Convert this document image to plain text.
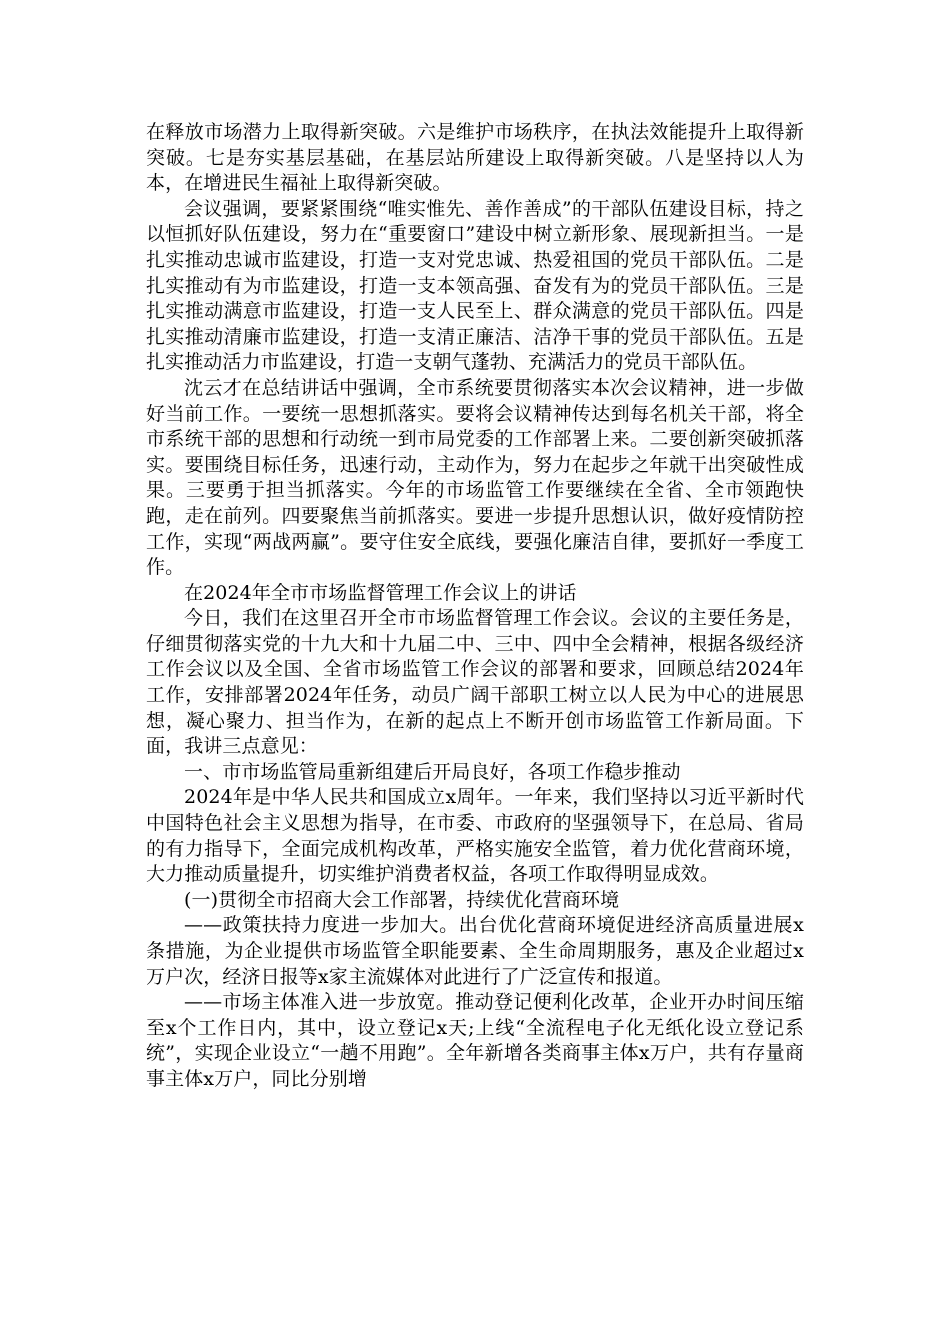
在释放市场潜力上取得新突破。六是维护市场秩序，在执法效能提升上取得新突破。七是夯实基层基础，在基层站所建设上取得新突破。八是坚持以人为本，在增进民生福祉上取得新突破。

会议强调，要紧紧围绕“唯实惟先、善作善成”的干部队伍建设目标，持之以恒抓好队伍建设，努力在“重要窗口”建设中树立新形象、展现新担当。一是扎实推动忠诚市监建设，打造一支对党忠诚、热爱祖国的党员干部队伍。二是扎实推动有为市监建设，打造一支本领高强、奋发有为的党员干部队伍。三是扎实推动满意市监建设，打造一支人民至上、群众满意的党员干部队伍。四是扎实推动清廉市监建设，打造一支清正廉洁、洁净干事的党员干部队伍。五是扎实推动活力市监建设，打造一支朝气蓬勃、充满活力的党员干部队伍。

沈云才在总结讲话中强调，全市系统要贯彻落实本次会议精神，进一步做好当前工作。一要统一思想抓落实。要将会议精神传达到每名机关干部，将全市系统干部的思想和行动统一到市局党委的工作部署上来。二要创新突破抓落实。要围绕目标任务，迅速行动，主动作为，努力在起步之年就干出突破性成果。三要勇于担当抓落实。今年的市场监管工作要继续在全省、全市领跑快跑，走在前列。四要聚焦当前抓落实。要进一步提升思想认识，做好疫情防控工作，实现“两战两赢”。要守住安全底线，要强化廉洁自律，要抓好一季度工作。

在2024年全市市场监督管理工作会议上的讲话

今日，我们在这里召开全市市场监督管理工作会议。会议的主要任务是，仔细贯彻落实党的十九大和十九届二中、三中、四中全会精神，根据各级经济工作会议以及全国、全省市场监管工作会议的部署和要求，回顾总结2024年工作，安排部署2024年任务，动员广阔干部职工树立以人民为中心的进展思想，凝心聚力、担当作为，在新的起点上不断开创市场监管工作新局面。下面，我讲三点意见：

一、市市场监管局重新组建后开局良好，各项工作稳步推动

2024年是中华人民共和国成立x周年。一年来，我们坚持以习近平新时代中国特色社会主义思想为指导，在市委、市政府的坚强领导下，在总局、省局的有力指导下，全面完成机构改革，严格实施安全监管，着力优化营商环境，大力推动质量提升，切实维护消费者权益，各项工作取得明显成效。

(一)贯彻全市招商大会工作部署，持续优化营商环境

——政策扶持力度进一步加大。出台优化营商环境促进经济高质量进展x条措施，为企业提供市场监管全职能要素、全生命周期服务，惠及企业超过x万户次，经济日报等x家主流媒体对此进行了广泛宣传和报道。

——市场主体准入进一步放宽。推动登记便利化改革，企业开办时间压缩至x个工作日内，其中，设立登记x天;上线“全流程电子化无纸化设立登记系统”，实现企业设立“一趟不用跑”。全年新增各类商事主体x万户，共有存量商事主体x万户，同比分别增
